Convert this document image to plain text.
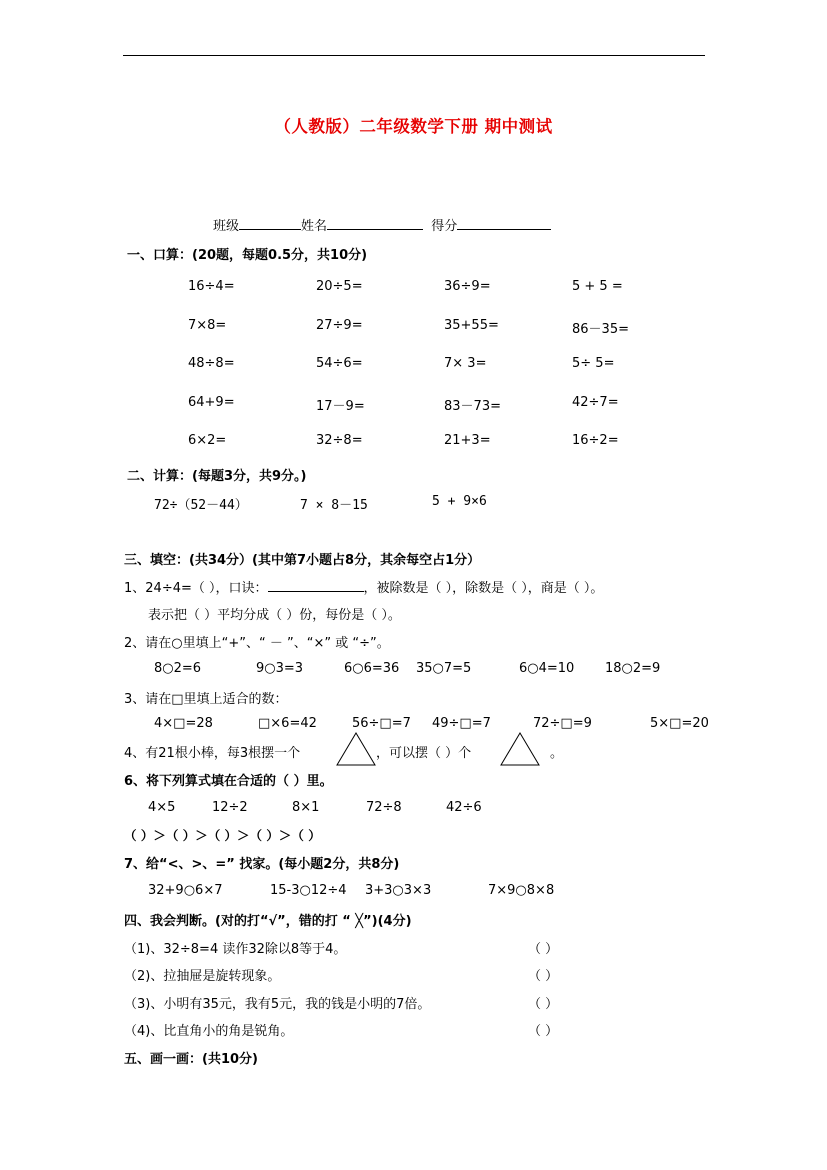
（人教版）二年级数学下册 期中测试
班级	姓名	得分
一、口算：(20题，每题0.5分，共10分)
16÷4=	20÷5=	36÷9=	5 + 5 =
7×8=	27÷9=	35+55=	86－35=
48÷8=	54÷6=	7× 3=	5÷ 5=
64+9=	17－9=	83－73=	42÷7=
6×2=	32÷8=	21+3=	16÷2=
二、计算：(每题3分，共9分。)
72÷（52－44）	7 × 8－15	5 + 9×6
三、填空：(共34分）(其中第7小题占8分，其余每空占1分）
1、24÷4=（ ），口诀：	，被除数是（ ），除数是（ ），商是（ ）。
表示把（ ）平均分成（ ）份，每份是（ ）。
2、请在○里填上“+”、“ － ”、“×” 或 “÷”。
8○2=6	9○3=3	6○6=36 35○7=5	6○4=10 18○2=9
3、请在□里填上适合的数：
4×□=28	□×6=42	56÷□=7 49÷□=7	72÷□=9	5×□=20
4、有21根小棒，每3根摆一个	，可以摆（ ）个	。
6、将下列算式填在合适的（ ）里。
4×5	12÷2	8×1	72÷8	42÷6
（ ）＞（ ）＞（ ）＞（ ）＞（ ）
7、给“<、>、=” 找家。(每小题2分，共8分)
32+9○6×7	15-3○12÷4 3+3○3×3	7×9○8×8
四、我会判断。(对的打“√”，错的打 “ ╳”)(4分)
（1)、32÷8=4 读作32除以8等于4。	（ ）
（2)、拉抽屉是旋转现象。	（ ）
（3)、小明有35元，我有5元，我的钱是小明的7倍。	（ ）
（4)、比直角小的角是锐角。	（ ）
五、画一画：(共10分)
